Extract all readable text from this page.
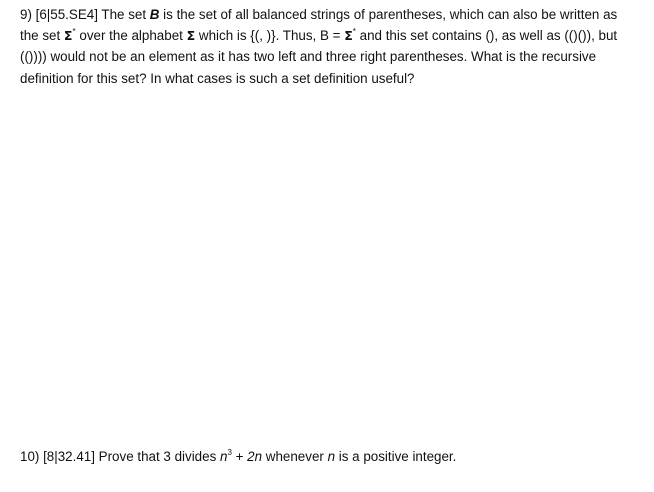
9) [6|55.SE4] The set B is the set of all balanced strings of parentheses, which can also be written as
the set Σ* over the alphabet Σ which is {(, )}. Thus, B = Σ* and this set contains (), as well as (()()), but
(()))) would not be an element as it has two left and three right parentheses. What is the recursive
definition for this set? In what cases is such a set definition useful?
10) [8|32.41] Prove that 3 divides $n^3 + 2n$ whenever n is a positive integer.
